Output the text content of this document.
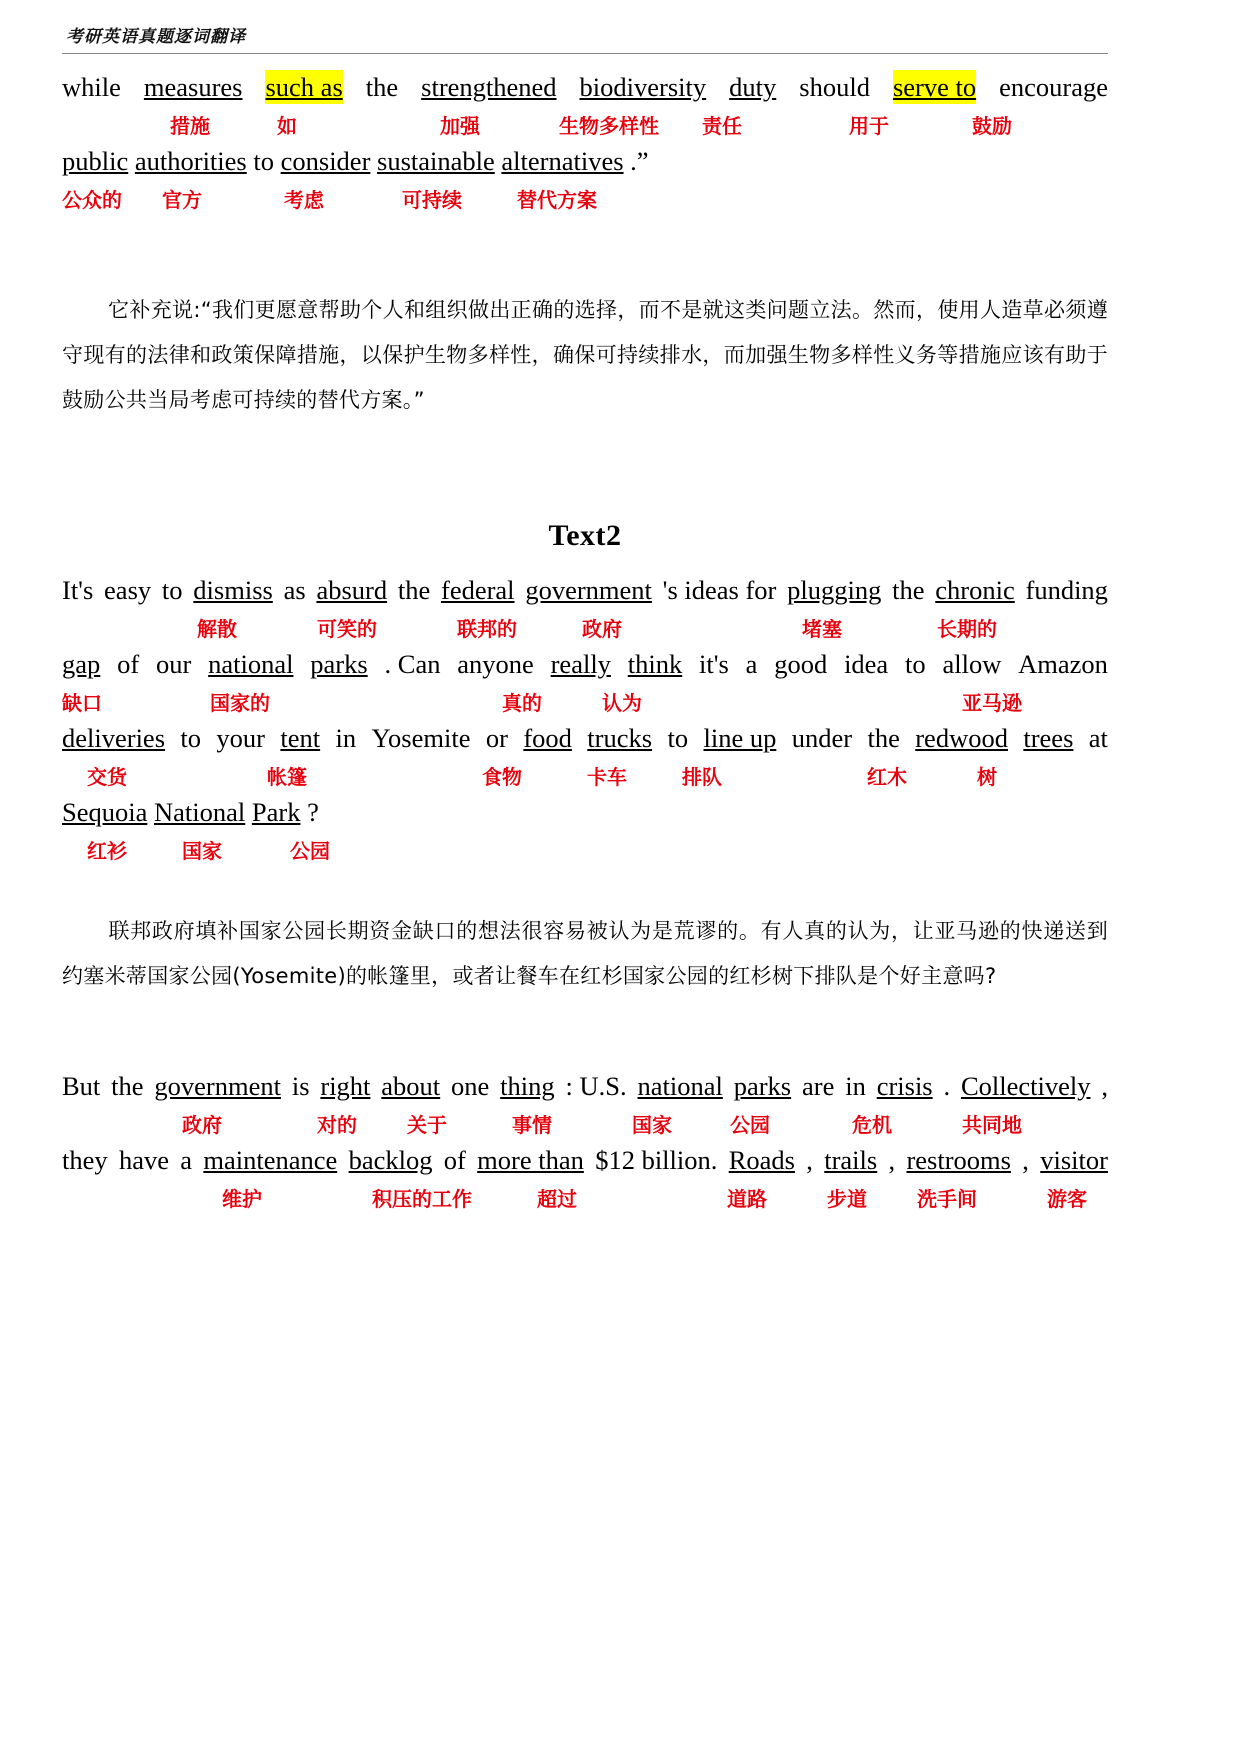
考研英语真题逐词翻译
while measures such as the strengthened biodiversity duty should serve to encourage
措施	如	加强	生物多样性 责任	用于	鼓励
public
authorities
to
consider
sustainable
alternatives
.”
公众的 官方	考虑	可持续	替代方案
它补充说:“我们更愿意帮助个人和组织做出正确的选择，而不是就这类问题立法。然而，使用人造草必须遵守现有的法律和政策保障措施，以保护生物多样性，确保可持续排水，而加强生物多样性义务等措施应该有助于鼓励公共当局考虑可持续的替代方案。”
Text2
It's easy to dismiss as absurd the federal government 's ideas for plugging the chronic funding
解散	可笑的	联邦的	政府	堵塞	长期的
gap of our national parks . Can anyone really think it's a good idea to allow Amazon
缺口	国家的	真的	认为	亚马逊
deliveries to your tent in Yosemite or food trucks to line up under the redwood trees at
交货	帐篷	食物	卡车	排队	红木	树
Sequoia
National
Park
?
红衫	国家	公园
联邦政府填补国家公园长期资金缺口的想法很容易被认为是荒谬的。有人真的认为，让亚马逊的快递送到约塞米蒂国家公园(Yosemite)的帐篷里，或者让餐车在红杉国家公园的红杉树下排队是个好主意吗?
But the government is right about one thing : U.S. national parks are in crisis . Collectively ,
政府	对的	关于	事情	国家	公园	危机	共同地
they have a maintenance backlog of more than $12 billion. Roads , trails , restrooms , visitor
维护	积压的工作	超过	道路	步道	洗手间	游客
